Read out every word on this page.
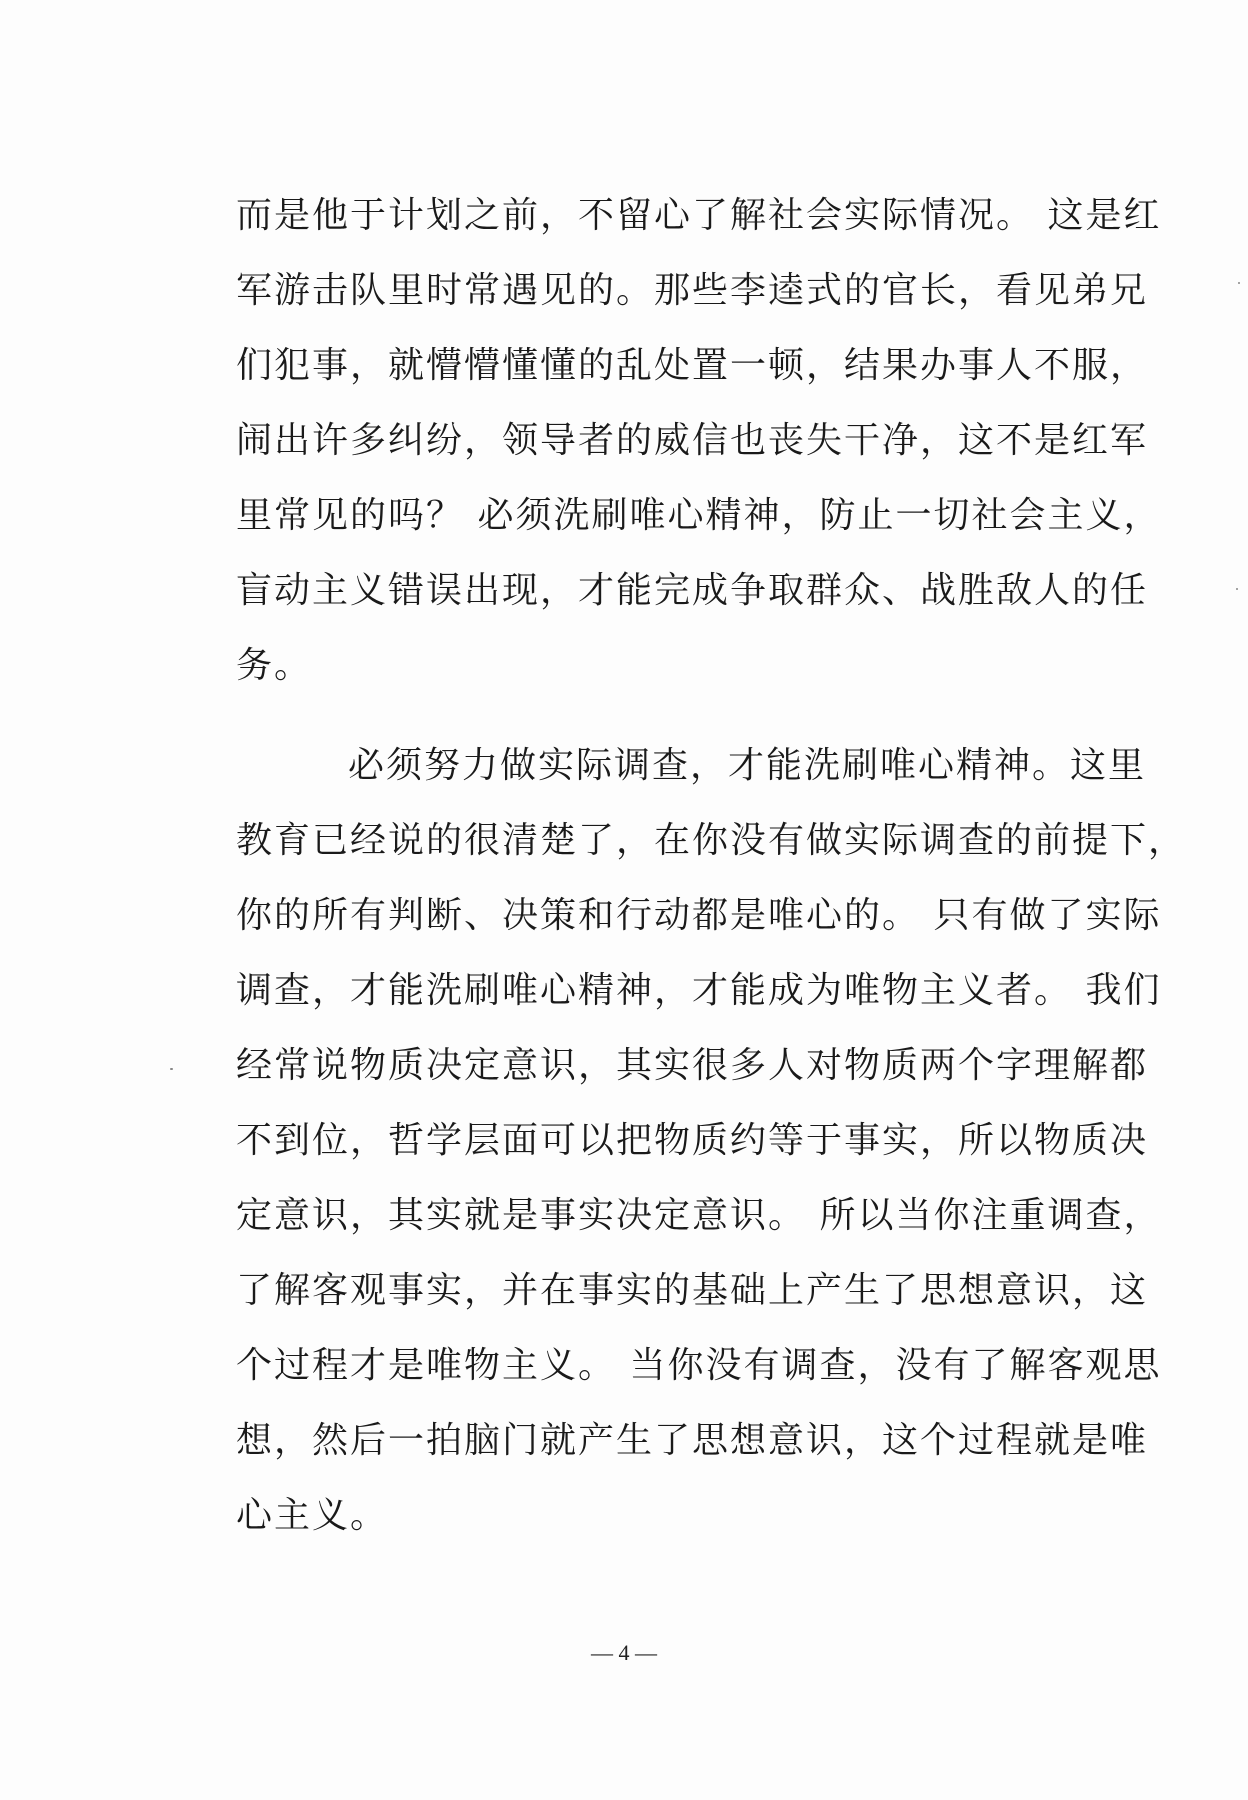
而是他于计划之前，不留心了解社会实际情况。 这是红
军游击队里时常遇见的。那些李逵式的官长，看见弟兄
们犯事，就懵懵懂懂的乱处置一顿，结果办事人不服，
闹出许多纠纷，领导者的威信也丧失干净，这不是红军
里常见的吗？ 必须洗刷唯心精神，防止一切社会主义，
盲动主义错误出现，才能完成争取群众、战胜敌人的任
务。
必须努力做实际调查，才能洗刷唯心精神。这里
教育已经说的很清楚了，在你没有做实际调查的前提下，
你的所有判断、决策和行动都是唯心的。 只有做了实际
调查，才能洗刷唯心精神，才能成为唯物主义者。 我们
经常说物质决定意识，其实很多人对物质两个字理解都
不到位，哲学层面可以把物质约等于事实，所以物质决
定意识，其实就是事实决定意识。 所以当你注重调查，
了解客观事实，并在事实的基础上产生了思想意识，这
个过程才是唯物主义。 当你没有调查，没有了解客观思
想，然后一拍脑门就产生了思想意识，这个过程就是唯
心主义。
— 4 —
